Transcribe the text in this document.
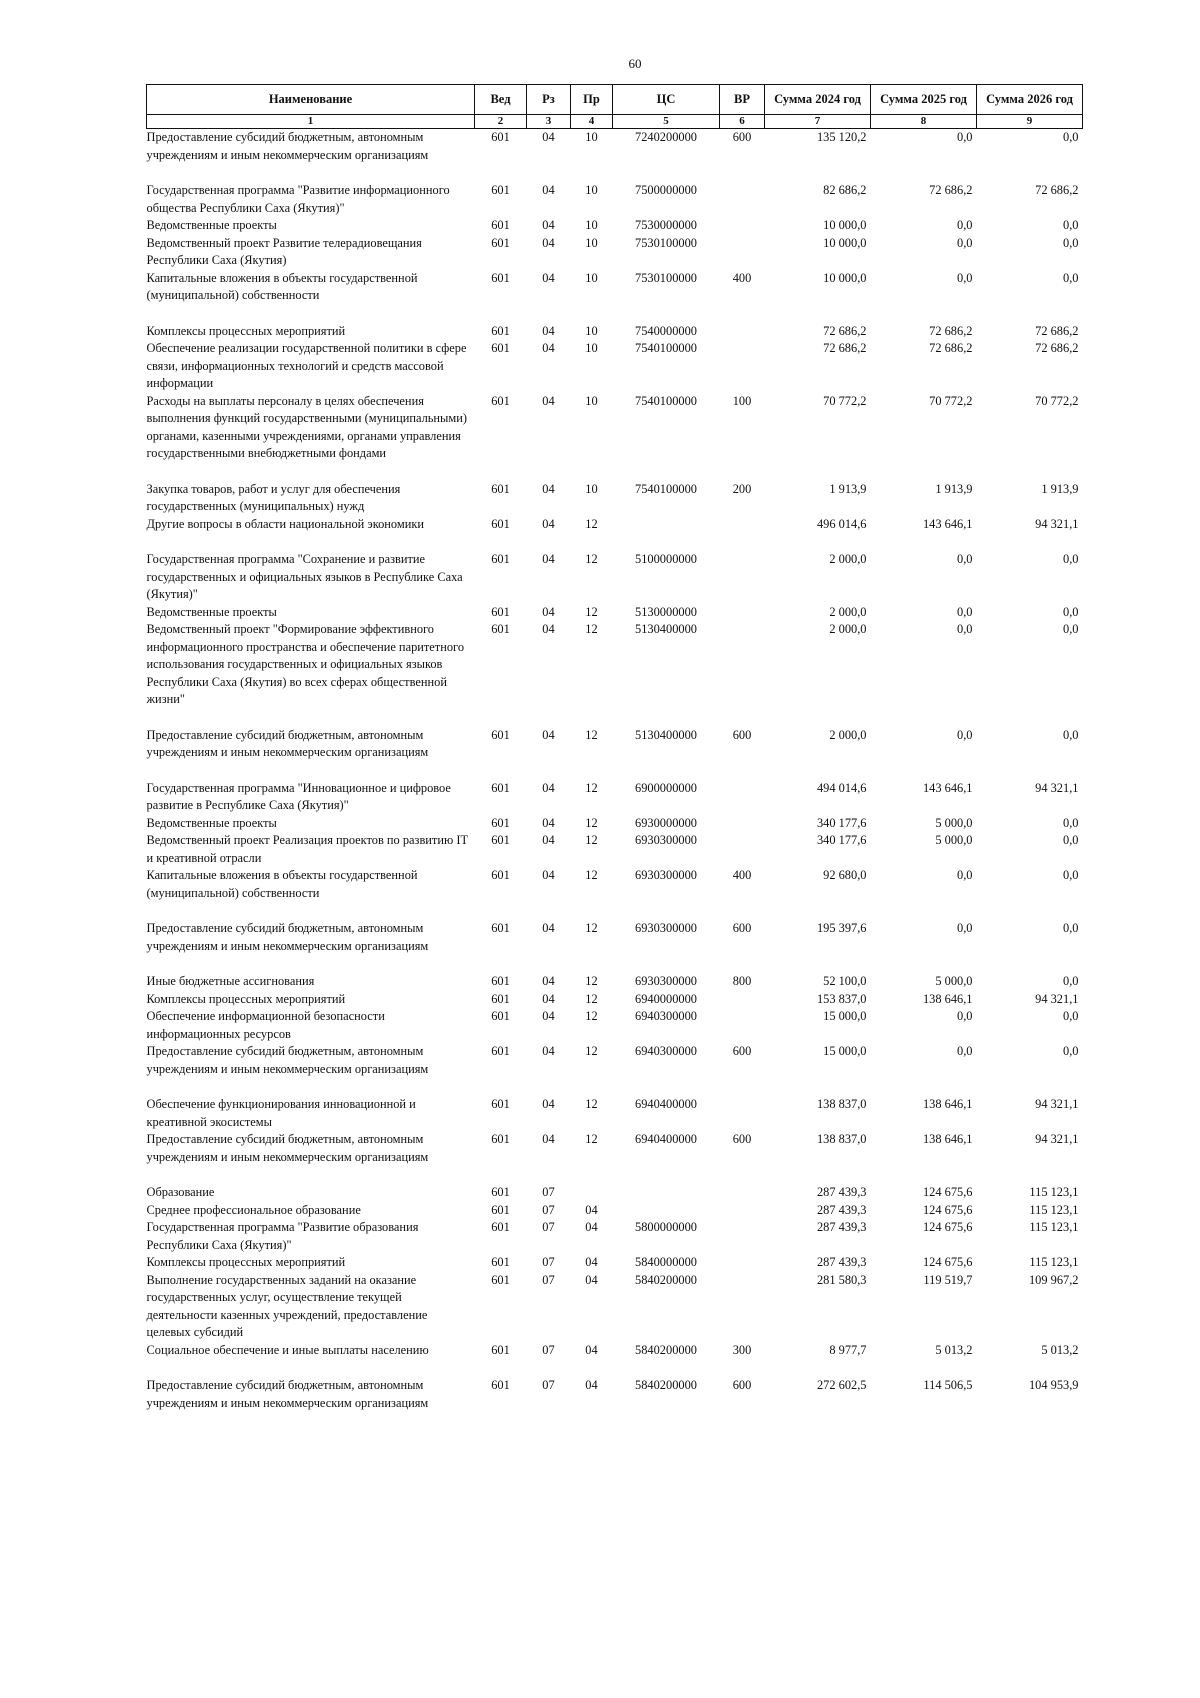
60
Наименование	Вед	Рз	Пр	ЦС	ВР	Сумма 2024 год	Сумма 2025 год	Сумма 2026 год
1	2	3	4	5	6	7	8	9
Предоставление субсидий бюджетным, автономным учреждениям и иным некоммерческим организациям	601	04	10	7240200000	600	135 120,2	0,0	0,0
Государственная программа "Развитие информационного общества Республики Саха (Якутия)"	601	04	10	7500000000		82 686,2	72 686,2	72 686,2
Ведомственные проекты	601	04	10	7530000000		10 000,0	0,0	0,0
Ведомственный проект Развитие телерадиовещания Республики Саха (Якутия)	601	04	10	7530100000		10 000,0	0,0	0,0
Капитальные вложения в объекты государственной (муниципальной) собственности	601	04	10	7530100000	400	10 000,0	0,0	0,0
Комплексы процессных мероприятий	601	04	10	7540000000		72 686,2	72 686,2	72 686,2
Обеспечение реализации государственной политики в сфере связи, информационных технологий и средств массовой информации	601	04	10	7540100000		72 686,2	72 686,2	72 686,2
Расходы на выплаты персоналу в целях обеспечения выполнения функций государственными (муниципальными) органами, казенными учреждениями, органами управления государственными внебюджетными фондами	601	04	10	7540100000	100	70 772,2	70 772,2	70 772,2
Закупка товаров, работ и услуг для обеспечения государственных (муниципальных) нужд	601	04	10	7540100000	200	1 913,9	1 913,9	1 913,9
Другие вопросы в области национальной экономики	601	04	12			496 014,6	143 646,1	94 321,1
Государственная программа "Сохранение и развитие государственных и официальных языков в Республике Саха (Якутия)"	601	04	12	5100000000		2 000,0	0,0	0,0
Ведомственные проекты	601	04	12	5130000000		2 000,0	0,0	0,0
Ведомственный проект "Формирование эффективного информационного пространства и обеспечение паритетного использования государственных и официальных языков Республики Саха (Якутия) во всех сферах общественной жизни"	601	04	12	5130400000		2 000,0	0,0	0,0
Предоставление субсидий бюджетным, автономным учреждениям и иным некоммерческим организациям	601	04	12	5130400000	600	2 000,0	0,0	0,0
Государственная программа "Инновационное и цифровое развитие в Республике Саха (Якутия)"	601	04	12	6900000000		494 014,6	143 646,1	94 321,1
Ведомственные проекты	601	04	12	6930000000		340 177,6	5 000,0	0,0
Ведомственный проект Реализация проектов по развитию IT и креативной отрасли	601	04	12	6930300000		340 177,6	5 000,0	0,0
Капитальные вложения в объекты государственной (муниципальной) собственности	601	04	12	6930300000	400	92 680,0	0,0	0,0
Предоставление субсидий бюджетным, автономным учреждениям и иным некоммерческим организациям	601	04	12	6930300000	600	195 397,6	0,0	0,0
Иные бюджетные ассигнования	601	04	12	6930300000	800	52 100,0	5 000,0	0,0
Комплексы процессных мероприятий	601	04	12	6940000000		153 837,0	138 646,1	94 321,1
Обеспечение информационной безопасности информационных ресурсов	601	04	12	6940300000		15 000,0	0,0	0,0
Предоставление субсидий бюджетным, автономным учреждениям и иным некоммерческим организациям	601	04	12	6940300000	600	15 000,0	0,0	0,0
Обеспечение функционирования инновационной и креативной экосистемы	601	04	12	6940400000		138 837,0	138 646,1	94 321,1
Предоставление субсидий бюджетным, автономным учреждениям и иным некоммерческим организациям	601	04	12	6940400000	600	138 837,0	138 646,1	94 321,1
Образование	601	07				287 439,3	124 675,6	115 123,1
Среднее профессиональное образование	601	07	04			287 439,3	124 675,6	115 123,1
Государственная программа "Развитие образования Республики Саха (Якутия)"	601	07	04	5800000000		287 439,3	124 675,6	115 123,1
Комплексы процессных мероприятий	601	07	04	5840000000		287 439,3	124 675,6	115 123,1
Выполнение государственных заданий на оказание государственных услуг, осуществление текущей деятельности казенных учреждений, предоставление целевых субсидий	601	07	04	5840200000		281 580,3	119 519,7	109 967,2
Социальное обеспечение и иные выплаты населению	601	07	04	5840200000	300	8 977,7	5 013,2	5 013,2
Предоставление субсидий бюджетным, автономным учреждениям и иным некоммерческим организациям	601	07	04	5840200000	600	272 602,5	114 506,5	104 953,9
